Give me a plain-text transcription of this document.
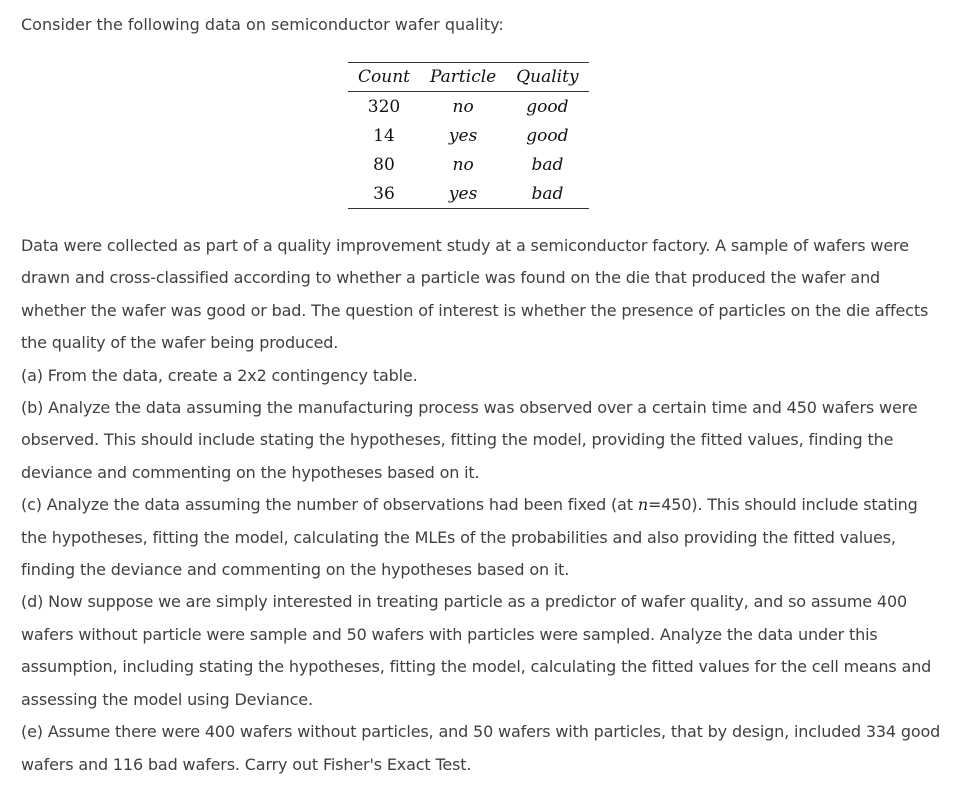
Consider the following data on semiconductor wafer quality:
Count	Particle	Quality
320	no	good
14	yes	good
80	no	bad
36	yes	bad

Data were collected as part of a quality improvement study at a semiconductor factory. A sample of wafers were drawn and cross-classified according to whether a particle was found on the die that produced the wafer and whether the wafer was good or bad. The question of interest is whether the presence of particles on the die affects the quality of the wafer being produced.

(a) From the data, create a 2x2 contingency table.

(b) Analyze the data assuming the manufacturing process was observed over a certain time and 450 wafers were observed. This should include stating the hypotheses, fitting the model, providing the fitted values, finding the deviance and commenting on the hypotheses based on it.

(c) Analyze the data assuming the number of observations had been fixed (at n=450). This should include stating the hypotheses, fitting the model, calculating the MLEs of the probabilities and also providing the fitted values, finding the deviance and commenting on the hypotheses based on it.

(d) Now suppose we are simply interested in treating particle as a predictor of wafer quality, and so assume 400 wafers without particle were sample and 50 wafers with particles were sampled. Analyze the data under this assumption, including stating the hypotheses, fitting the model, calculating the fitted values for the cell means and assessing the model using Deviance.

(e) Assume there were 400 wafers without particles, and 50 wafers with particles, that by design, included 334 good wafers and 116 bad wafers. Carry out Fisher's Exact Test.
